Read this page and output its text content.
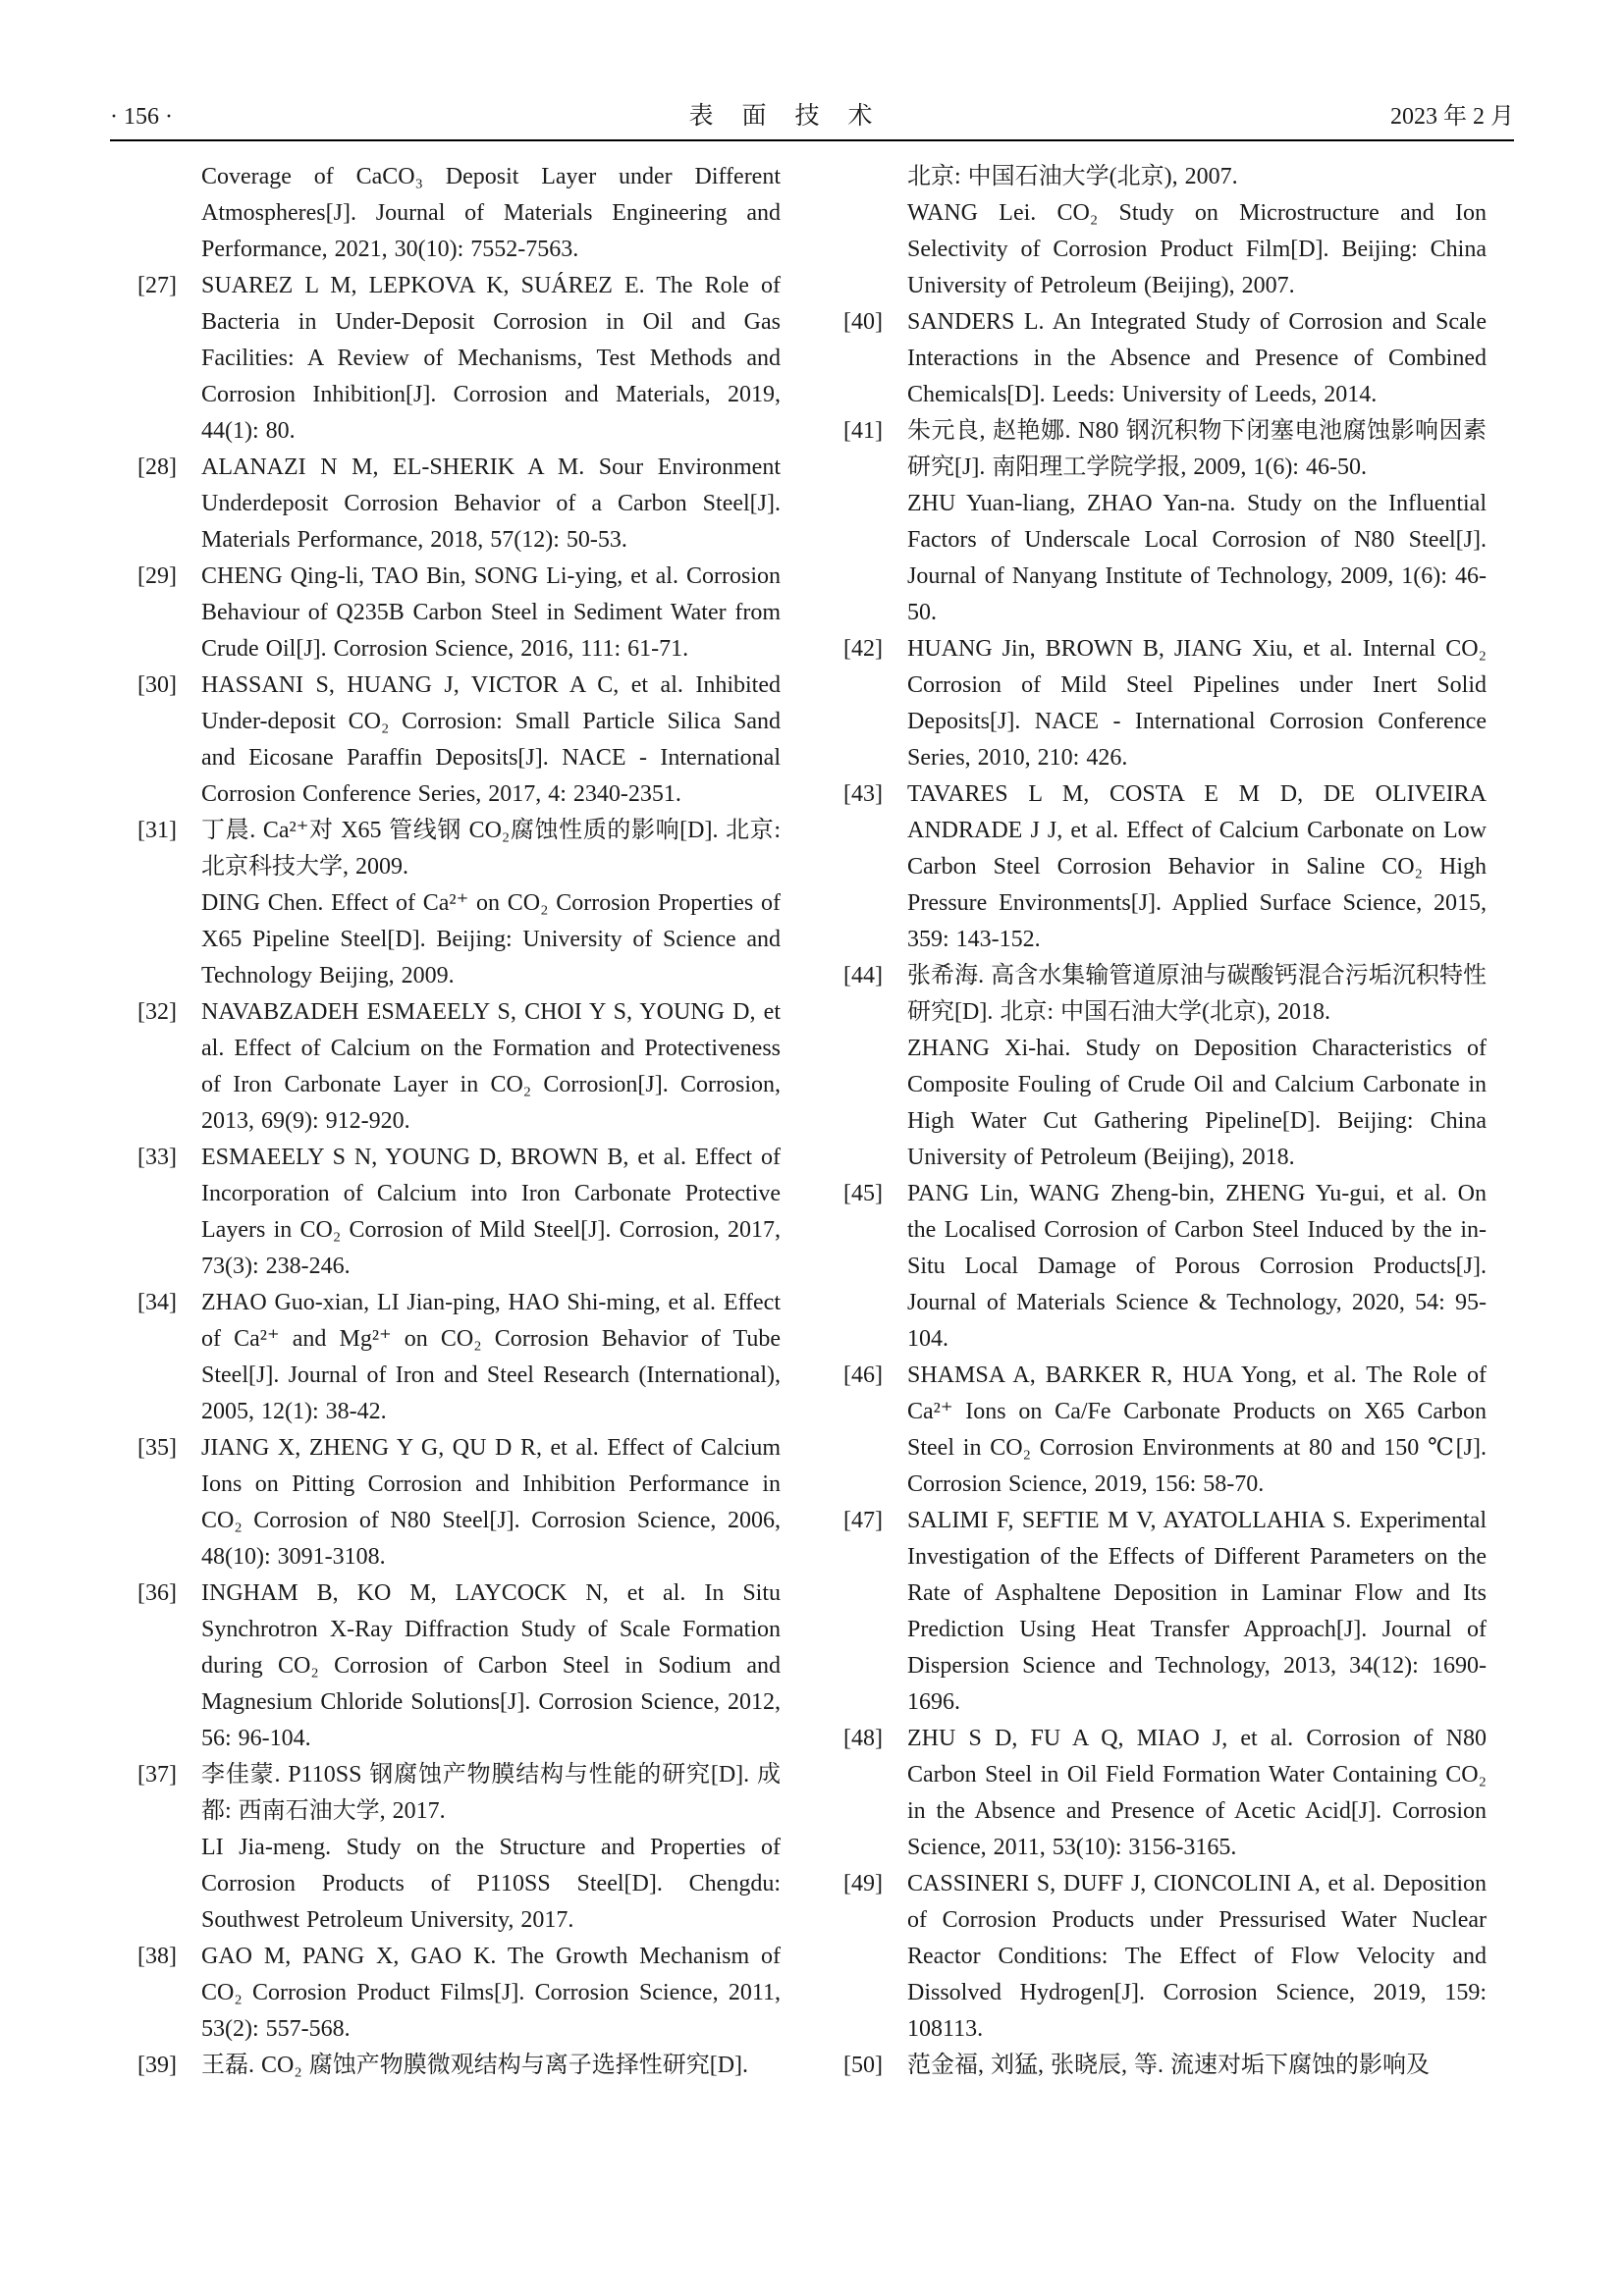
· 156 ·	表　面　技　术	2023 年 2 月

Coverage of CaCO₃ Deposit Layer under Different Atmospheres[J]. Journal of Materials Engineering and Performance, 2021, 30(10): 7552-7563.

[27]	SUAREZ L M, LEPKOVA K, SUÁREZ E. The Role of Bacteria in Under-Deposit Corrosion in Oil and Gas Facilities: A Review of Mechanisms, Test Methods and Corrosion Inhibition[J]. Corrosion and Materials, 2019, 44(1): 80.

[28]	ALANAZI N M, EL-SHERIK A M. Sour Environment Underdeposit Corrosion Behavior of a Carbon Steel[J]. Materials Performance, 2018, 57(12): 50-53.

[29]	CHENG Qing-li, TAO Bin, SONG Li-ying, et al. Corrosion Behaviour of Q235B Carbon Steel in Sediment Water from Crude Oil[J]. Corrosion Science, 2016, 111: 61-71.

[30]	HASSANI S, HUANG J, VICTOR A C, et al. Inhibited Under-deposit CO₂ Corrosion: Small Particle Silica Sand and Eicosane Paraffin Deposits[J]. NACE - International Corrosion Conference Series, 2017, 4: 2340-2351.

[31]	丁晨. Ca²⁺对 X65 管线钢 CO₂腐蚀性质的影响[D]. 北京: 北京科技大学, 2009.

DING Chen. Effect of Ca²⁺ on CO₂ Corrosion Properties of X65 Pipeline Steel[D]. Beijing: University of Science and Technology Beijing, 2009.

[32]	NAVABZADEH ESMAEELY S, CHOI Y S, YOUNG D, et al. Effect of Calcium on the Formation and Protectiveness of Iron Carbonate Layer in CO₂ Corrosion[J]. Corrosion, 2013, 69(9): 912-920.

[33]	ESMAEELY S N, YOUNG D, BROWN B, et al. Effect of Incorporation of Calcium into Iron Carbonate Protective Layers in CO₂ Corrosion of Mild Steel[J]. Corrosion, 2017, 73(3): 238-246.

[34]	ZHAO Guo-xian, LI Jian-ping, HAO Shi-ming, et al. Effect of Ca²⁺ and Mg²⁺ on CO₂ Corrosion Behavior of Tube Steel[J]. Journal of Iron and Steel Research (International), 2005, 12(1): 38-42.

[35]	JIANG X, ZHENG Y G, QU D R, et al. Effect of Calcium Ions on Pitting Corrosion and Inhibition Performance in CO₂ Corrosion of N80 Steel[J]. Corrosion Science, 2006, 48(10): 3091-3108.

[36]	INGHAM B, KO M, LAYCOCK N, et al. In Situ Synchrotron X-Ray Diffraction Study of Scale Formation during CO₂ Corrosion of Carbon Steel in Sodium and Magnesium Chloride Solutions[J]. Corrosion Science, 2012, 56: 96-104.

[37]	李佳蒙. P110SS 钢腐蚀产物膜结构与性能的研究[D]. 成都: 西南石油大学, 2017.

LI Jia-meng. Study on the Structure and Properties of Corrosion Products of P110SS Steel[D]. Chengdu: Southwest Petroleum University, 2017.

[38]	GAO M, PANG X, GAO K. The Growth Mechanism of CO₂ Corrosion Product Films[J]. Corrosion Science, 2011, 53(2): 557-568.

[39]	王磊. CO₂ 腐蚀产物膜微观结构与离子选择性研究[D].

北京: 中国石油大学(北京), 2007.

WANG Lei. CO₂ Study on Microstructure and Ion Selectivity of Corrosion Product Film[D]. Beijing: China University of Petroleum (Beijing), 2007.

[40]	SANDERS L. An Integrated Study of Corrosion and Scale Interactions in the Absence and Presence of Combined Chemicals[D]. Leeds: University of Leeds, 2014.

[41]	朱元良, 赵艳娜. N80 钢沉积物下闭塞电池腐蚀影响因素研究[J]. 南阳理工学院学报, 2009, 1(6): 46-50.

ZHU Yuan-liang, ZHAO Yan-na. Study on the Influential Factors of Underscale Local Corrosion of N80 Steel[J]. Journal of Nanyang Institute of Technology, 2009, 1(6): 46-50.

[42]	HUANG Jin, BROWN B, JIANG Xiu, et al. Internal CO₂ Corrosion of Mild Steel Pipelines under Inert Solid Deposits[J]. NACE - International Corrosion Conference Series, 2010, 210: 426.

[43]	TAVARES L M, COSTA E M D, DE OLIVEIRA ANDRADE J J, et al. Effect of Calcium Carbonate on Low Carbon Steel Corrosion Behavior in Saline CO₂ High Pressure Environments[J]. Applied Surface Science, 2015, 359: 143-152.

[44]	张希海. 高含水集输管道原油与碳酸钙混合污垢沉积特性研究[D]. 北京: 中国石油大学(北京), 2018.

ZHANG Xi-hai. Study on Deposition Characteristics of Composite Fouling of Crude Oil and Calcium Carbonate in High Water Cut Gathering Pipeline[D]. Beijing: China University of Petroleum (Beijing), 2018.

[45]	PANG Lin, WANG Zheng-bin, ZHENG Yu-gui, et al. On the Localised Corrosion of Carbon Steel Induced by the in-Situ Local Damage of Porous Corrosion Products[J]. Journal of Materials Science & Technology, 2020, 54: 95-104.

[46]	SHAMSA A, BARKER R, HUA Yong, et al. The Role of Ca²⁺ Ions on Ca/Fe Carbonate Products on X65 Carbon Steel in CO₂ Corrosion Environments at 80 and 150 ℃[J]. Corrosion Science, 2019, 156: 58-70.

[47]	SALIMI F, SEFTIE M V, AYATOLLAHIA S. Experimental Investigation of the Effects of Different Parameters on the Rate of Asphaltene Deposition in Laminar Flow and Its Prediction Using Heat Transfer Approach[J]. Journal of Dispersion Science and Technology, 2013, 34(12): 1690-1696.

[48]	ZHU S D, FU A Q, MIAO J, et al. Corrosion of N80 Carbon Steel in Oil Field Formation Water Containing CO₂ in the Absence and Presence of Acetic Acid[J]. Corrosion Science, 2011, 53(10): 3156-3165.

[49]	CASSINERI S, DUFF J, CIONCOLINI A, et al. Deposition of Corrosion Products under Pressurised Water Nuclear Reactor Conditions: The Effect of Flow Velocity and Dissolved Hydrogen[J]. Corrosion Science, 2019, 159: 108113.

[50]	范金福, 刘猛, 张晓辰, 等. 流速对垢下腐蚀的影响及
